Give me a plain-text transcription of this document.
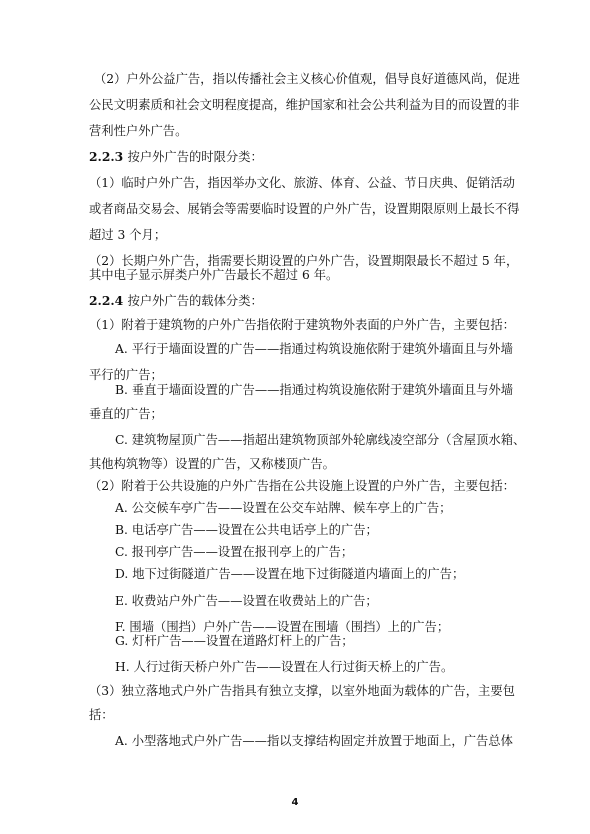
（2）户外公益广告，指以传播社会主义核心价值观，倡导良好道德风尚，促进

公民文明素质和社会文明程度提高，维护国家和社会公共利益为目的而设置的非

营利性户外广告。

2.2.3 按户外广告的时限分类：

（1）临时户外广告，指因举办文化、旅游、体育、公益、节日庆典、促销活动

或者商品交易会、展销会等需要临时设置的户外广告，设置期限原则上最长不得

超过 3 个月；

（2）长期户外广告，指需要长期设置的户外广告，设置期限最长不超过 5 年，

其中电子显示屏类户外广告最长不超过 6 年。

2.2.4 按户外广告的载体分类：

（1）附着于建筑物的户外广告指依附于建筑物外表面的户外广告，主要包括：

A. 平行于墙面设置的广告——指通过构筑设施依附于建筑外墙面且与外墙

平行的广告；

B. 垂直于墙面设置的广告——指通过构筑设施依附于建筑外墙面且与外墙

垂直的广告；

C. 建筑物屋顶广告——指超出建筑物顶部外轮廓线凌空部分（含屋顶水箱、

其他构筑物等）设置的广告，又称楼顶广告。

（2）附着于公共设施的户外广告指在公共设施上设置的户外广告，主要包括：

A. 公交候车亭广告——设置在公交车站牌、候车亭上的广告；

B. 电话亭广告——设置在公共电话亭上的广告；

C. 报刊亭广告——设置在报刊亭上的广告；

D. 地下过街隧道广告——设置在地下过街隧道内墙面上的广告；

E. 收费站户外广告——设置在收费站上的广告；

F. 围墙（围挡）户外广告——设置在围墙（围挡）上的广告；

G. 灯杆广告——设置在道路灯杆上的广告；

H. 人行过街天桥户外广告——设置在人行过街天桥上的广告。

（3）独立落地式户外广告指具有独立支撑，以室外地面为载体的广告，主要包

括：

A. 小型落地式户外广告——指以支撑结构固定并放置于地面上，广告总体

4
